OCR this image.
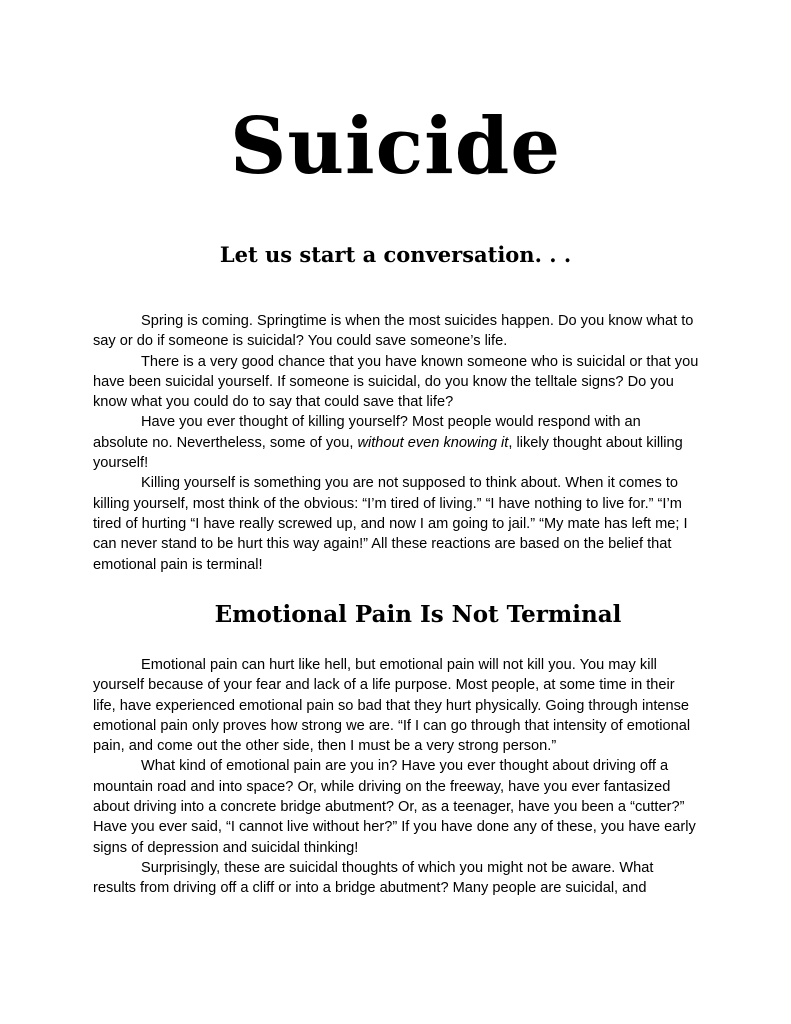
Suicide
Let us start a conversation. . .

Spring is coming. Springtime is when the most suicides happen. Do you know what to say or do if someone is suicidal? You could save someone’s life.

There is a very good chance that you have known someone who is suicidal or that you have been suicidal yourself. If someone is suicidal, do you know the telltale signs? Do you know what you could do to say that could save that life?

Have you ever thought of killing yourself? Most people would respond with an absolute no. Nevertheless, some of you, without even knowing it, likely thought about killing yourself!

Killing yourself is something you are not supposed to think about. When it comes to killing yourself, most think of the obvious: “I’m tired of living.” “I have nothing to live for.” “I’m tired of hurting “I have really screwed up, and now I am going to jail.” “My mate has left me; I can never stand to be hurt this way again!” All these reactions are based on the belief that emotional pain is terminal!

Emotional Pain Is Not Terminal

Emotional pain can hurt like hell, but emotional pain will not kill you. You may kill yourself because of your fear and lack of a life purpose. Most people, at some time in their life, have experienced emotional pain so bad that they hurt physically. Going through intense emotional pain only proves how strong we are. “If I can go through that intensity of emotional pain, and come out the other side, then I must be a very strong person.”

What kind of emotional pain are you in? Have you ever thought about driving off a mountain road and into space? Or, while driving on the freeway, have you ever fantasized about driving into a concrete bridge abutment? Or, as a teenager, have you been a “cutter?” Have you ever said, “I cannot live without her?” If you have done any of these, you have early signs of depression and suicidal thinking!

Surprisingly, these are suicidal thoughts of which you might not be aware. What results from driving off a cliff or into a bridge abutment? Many people are suicidal, and
